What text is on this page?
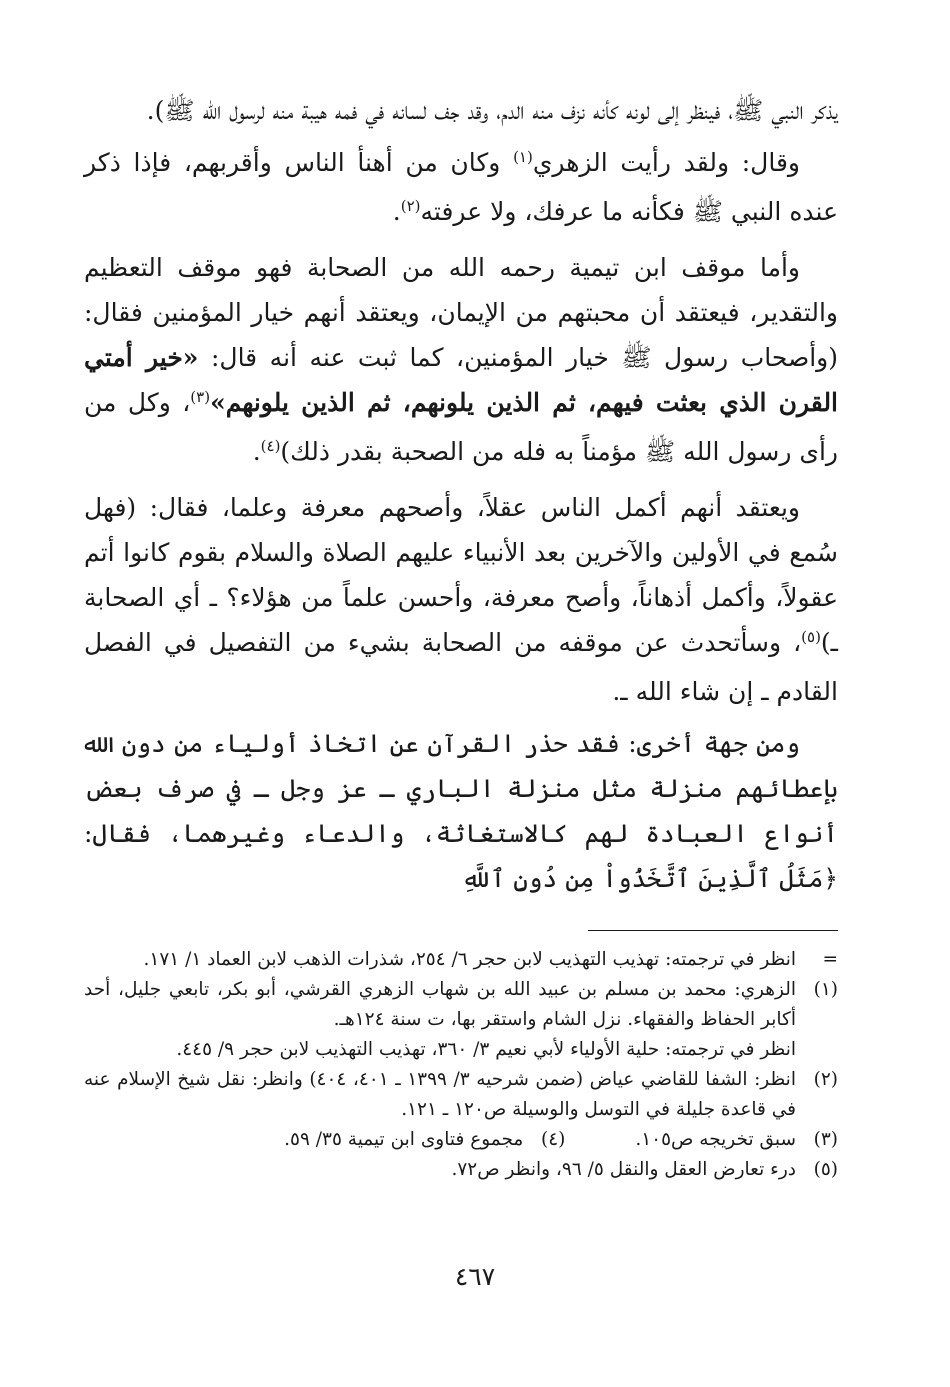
يذكر النبي ﷺ، فينظر إلى لونه كأنه نزف منه الدم، وقد جف لسانه في فمه هيبة منه لرسول الله ﷺ).

وقال: ولقد رأيت الزهري$^{(١)}$ وكان من أهنأ الناس وأقربهم، فإذا ذكر عنده النبي ﷺ فكأنه ما عرفك، ولا عرفته$^{(٢)}$.

وأما موقف ابن تيمية رحمه الله من الصحابة فهو موقف التعظيم والتقدير، فيعتقد أن محبتهم من الإيمان، ويعتقد أنهم خيار المؤمنين فقال: (وأصحاب رسول ﷺ خيار المؤمنين، كما ثبت عنه أنه قال: «خير أمتي القرن الذي بعثت فيهم، ثم الذين يلونهم، ثم الذين يلونهم»$^{(٣)}$، وكل من رأى رسول الله ﷺ مؤمناً به فله من الصحبة بقدر ذلك)$^{(٤)}$.

ويعتقد أنهم أكمل الناس عقلاً، وأصحهم معرفة وعلما، فقال: (فهل سُمع في الأولين والآخرين بعد الأنبياء عليهم الصلاة والسلام بقوم كانوا أتم عقولاً، وأكمل أذهاناً، وأصح معرفة، وأحسن علماً من هؤلاء؟ ـ أي الصحابة ـ)$^{(٥)}$، وسأتحدث عن موقفه من الصحابة بشيء من التفصيل في الفصل القادم ـ إن شاء الله ـ.

ومن جهة أخرى: فقد حذر القرآن عن اتخاذ أولياء من دون الله بإعطائهم منزلة مثل منزلة الباري ـ عز وجل ـ في صرف بعض أنواع العبادة لهم كالاستغاثة، والدعاء وغيرهما، فقال: ﴿مَثَلُ ٱلَّذِينَ ٱتَّخَذُواْ مِن دُونِ ٱللَّهِ

=
انظر في ترجمته: تهذيب التهذيب لابن حجر ٦/ ٢٥٤، شذرات الذهب لابن العماد ١/ ١٧١.
(١)
الزهري: محمد بن مسلم بن عبيد الله بن شهاب الزهري القرشي، أبو بكر، تابعي جليل، أحد أكابر الحفاظ والفقهاء. نزل الشام واستقر بها، ت سنة ١٢٤هـ.
انظر في ترجمته: حلية الأولياء لأبي نعيم ٣/ ٣٦٠، تهذيب التهذيب لابن حجر ٩/ ٤٤٥.
(٢)
انظر: الشفا للقاضي عياض (ضمن شرحيه ٣/ ١٣٩٩ ـ ٤٠١، ٤٠٤) وانظر: نقل شيخ الإسلام عنه في قاعدة جليلة في التوسل والوسيلة ص١٢٠ ـ ١٢١.
(٣)
سبق تخريجه ص١٠٥.
(٤)
مجموع فتاوى ابن تيمية ٣٥/ ٥٩.
(٥)
درء تعارض العقل والنقل ٥/ ٩٦، وانظر ص٧٢.
٤٦٧
